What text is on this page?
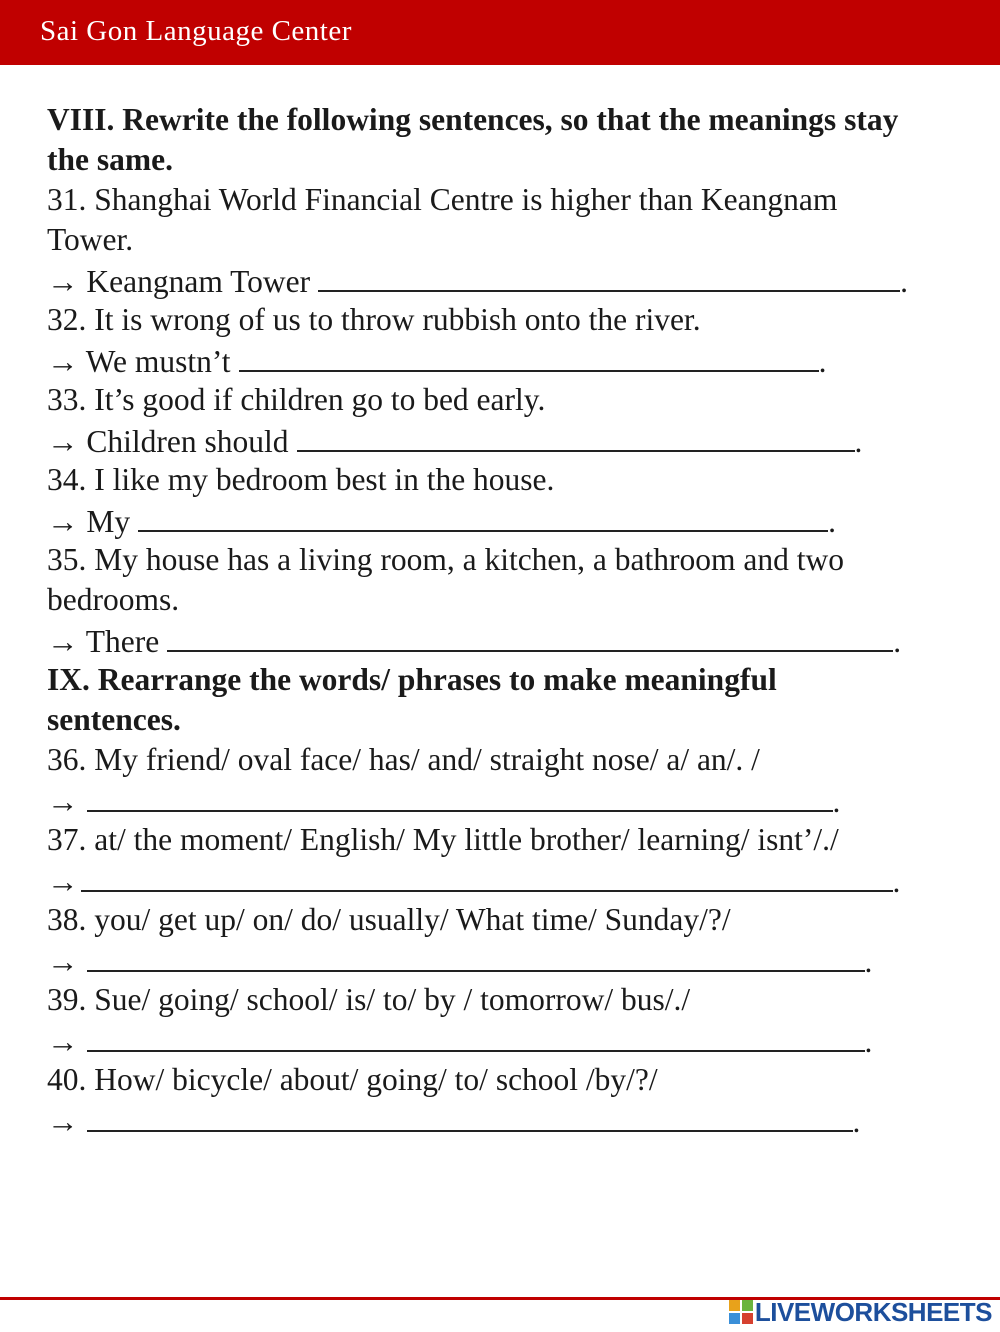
Sai Gon Language Center
VIII. Rewrite the following sentences, so that the meanings stay
the same.
31. Shanghai World Financial Centre is higher than Keangnam
Tower.
→ Keangnam Tower	.
32. It is wrong of us to throw rubbish onto the river.
→ We mustn’t	.
33. It’s good if children go to bed early.
→ Children should	.
34. I like my bedroom best in the house.
→ My	.
35. My house has a living room, a kitchen, a bathroom and two
bedrooms.
→ There	.
IX. Rearrange the words/ phrases to make meaningful
sentences.
36. My friend/ oval face/ has/ and/ straight nose/ a/ an/. /
→	.
37. at/ the moment/ English/ My little brother/ learning/ isnt’/./
→	.
38. you/ get up/ on/ do/ usually/ What time/ Sunday/?/
→	.
39. Sue/ going/ school/ is/ to/ by / tomorrow/ bus/./
→	.
40. How/ bicycle/ about/ going/ to/ school /by/?/
→	.
LIVEWORKSHEETS
